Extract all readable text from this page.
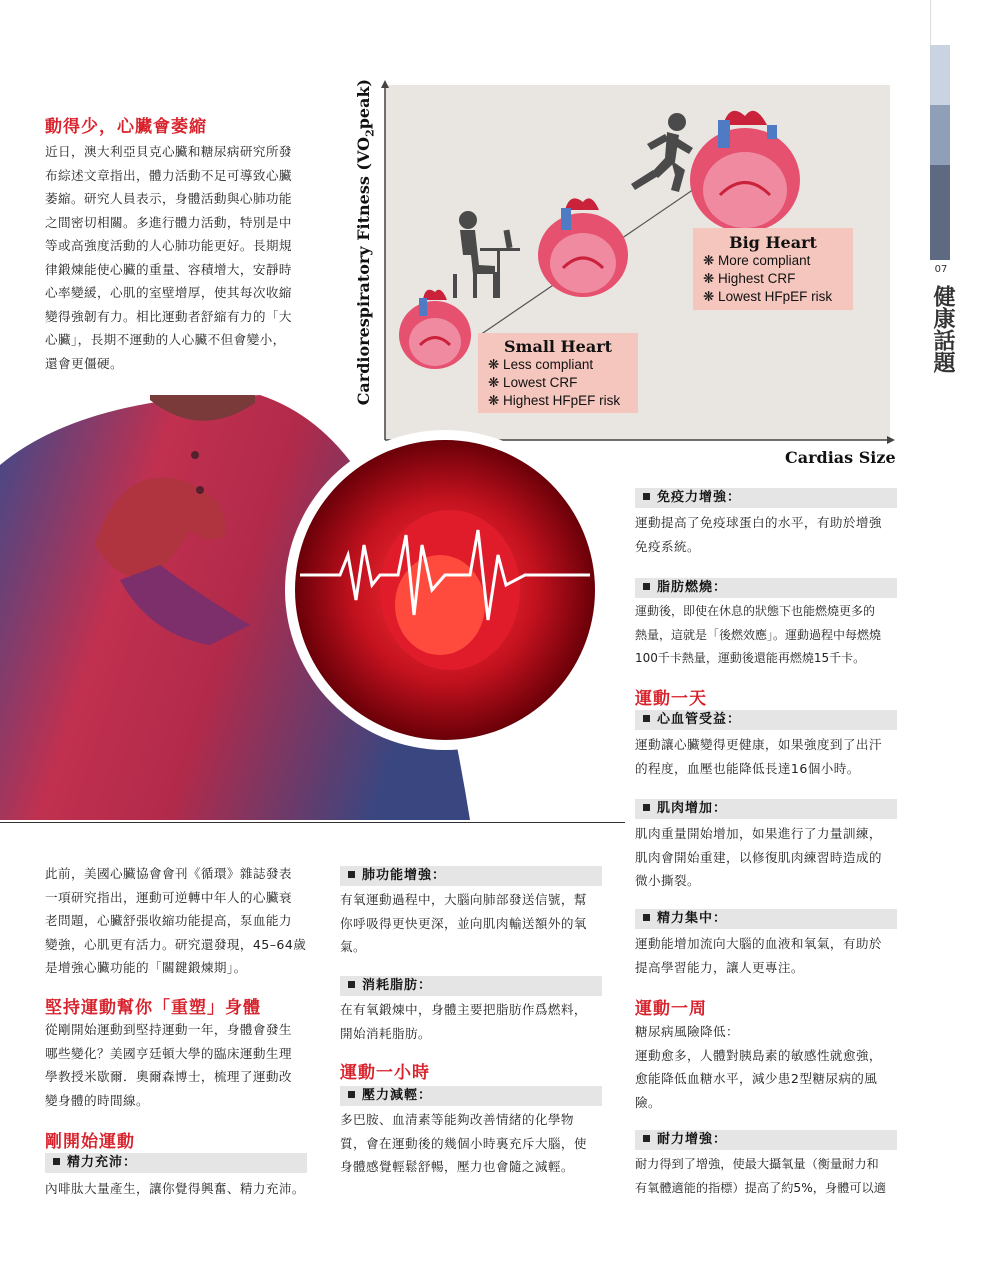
07
健康話題
動得少，心臟會萎縮
近日，澳大利亞貝克心臟和糖尿病研究所發
布綜述文章指出，體力活動不足可導致心臟
萎縮。研究人員表示，身體活動與心肺功能
之間密切相關。多進行體力活動，特別是中
等或高強度活動的人心肺功能更好。長期規
律鍛煉能使心臟的重量、容積增大，安靜時
心率變緩，心肌的室壁增厚，使其每次收縮
變得強韌有力。相比運動者舒縮有力的「大
心臟」，長期不運動的人心臟不但會變小，
還會更僵硬。	Cardiorespiratory Fitness $(VO_2peak)$
Cardias Size
Small Heart
❋ Less compliant
❋ Lowest CRF
❋ Highest HFpEF risk
Big Heart
❋ More compliant
❋ Highest CRF
❋ Lowest HFpEF risk
此前，美國心臟協會會刊《循環》雜誌發表
一項研究指出，運動可逆轉中年人的心臟衰
老問題，心臟舒張收縮功能提高，泵血能力
變強，心肌更有活力。研究還發現，45–64歲
是增強心臟功能的「關鍵鍛煉期」。
堅持運動幫你「重塑」身體
從剛開始運動到堅持運動一年，身體會發生
哪些變化？美國亨廷頓大學的臨床運動生理
學教授米歇爾．奧爾森博士，梳理了運動改
變身體的時間線。
剛開始運動
精力充沛：
內啡肽大量產生，讓你覺得興奮、精力充沛。
肺功能增強：
有氧運動過程中，大腦向肺部發送信號，幫
你呼吸得更快更深，並向肌肉輸送額外的氧
氣。
消耗脂肪：
在有氧鍛煉中，身體主要把脂肪作爲燃料，
開始消耗脂肪。
運動一小時
壓力減輕：
多巴胺、血清素等能夠改善情緒的化學物
質，會在運動後的幾個小時裏充斥大腦，使
身體感覺輕鬆舒暢，壓力也會隨之減輕。
免疫力增強：
運動提高了免疫球蛋白的水平，有助於增強
免疫系統。
脂肪燃燒：
運動後，即使在休息的狀態下也能燃燒更多的
熱量，這就是「後燃效應」。運動過程中每燃燒
100千卡熱量，運動後還能再燃燒15千卡。
運動一天
心血管受益：
運動讓心臟變得更健康，如果強度到了出汗
的程度，血壓也能降低長達16個小時。
肌肉增加：
肌肉重量開始增加，如果進行了力量訓練，
肌肉會開始重建，以修復肌肉練習時造成的
微小撕裂。
精力集中：
運動能增加流向大腦的血液和氧氣，有助於
提高學習能力，讓人更專注。
運動一周
糖尿病風險降低：
運動愈多，人體對胰島素的敏感性就愈強，
愈能降低血糖水平，減少患2型糖尿病的風
險。
耐力增強：
耐力得到了增強，使最大攝氧量（衡量耐力和
有氧體適能的指標）提高了約5%，身體可以適
